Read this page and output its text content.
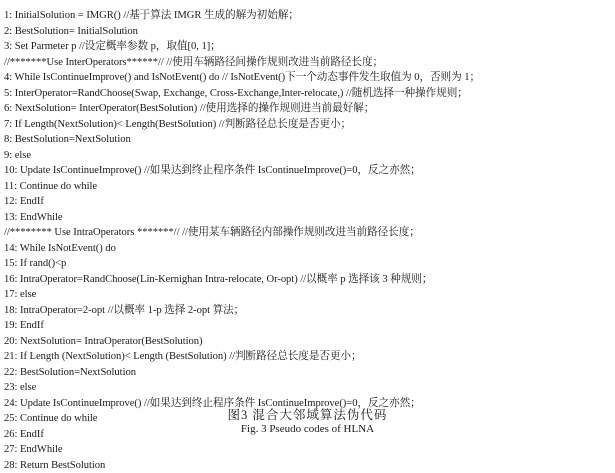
1: InitialSolution = IMGR() //基于算法 IMGR 生成的解为初始解；
2: BestSolution= InitialSolution
3: Set Parmeter p //设定概率参数 p，取值[0, 1]；
//*******Use InterOperators******// //使用车辆路径间操作规则改进当前路径长度；
4: While IsContinueImprove() and IsNotEvent() do // IsNotEvent()下一个动态事件发生取值为 0，否则为 1；
5: InterOperator=RandChoose(Swap, Exchange, Cross-Exchange,Inter-relocate,) //随机选择一种操作规则；
6: NextSolution= InterOperator(BestSolution) //使用选择的操作规则进当前最好解；
7: If Length(NextSolution)< Length(BestSolution) //判断路径总长度是否更小；
8: BestSolution=NextSolution
9: else
10: Update IsContinueImprove() //如果达到终止程序条件 IsContinueImprove()=0，反之亦然；
11: Continue do while
12: EndIf
13: EndWhile
//******** Use IntraOperators *******// //使用某车辆路径内部操作规则改进当前路径长度；
14: While IsNotEvent() do
15: If rand()<p
16: IntraOperator=RandChoose(Lin-Kernighan Intra-relocate, Or-opt) //以概率 p 选择该 3 种规则；
17: else
18: IntraOperator=2-opt //以概率 1-p 选择 2-opt 算法；
19: EndIf
20: NextSolution= IntraOperator(BestSolution)
21: If Length (NextSolution)< Length (BestSolution) //判断路径总长度是否更小；
22: BestSolution=NextSolution
23: else
24: Update IsContinueImprove() //如果达到终止程序条件 IsContinueImprove()=0，反之亦然；
25: Continue do while
26: EndIf
27: EndWhile
28: Return BestSolution
图3 混合大邻域算法伪代码
Fig. 3 Pseudo codes of HLNA
